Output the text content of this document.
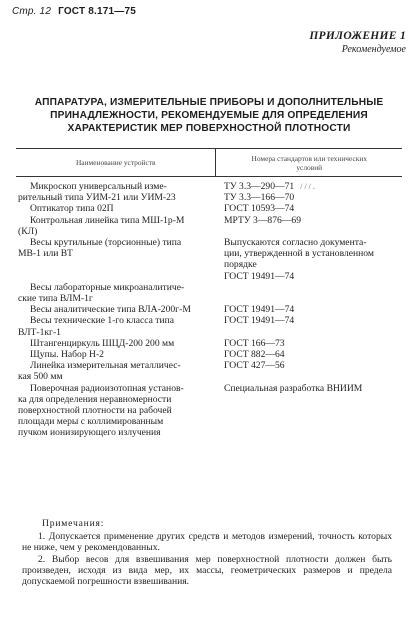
Стр. 12 ГОСТ 8.171—75
ПРИЛОЖЕНИЕ 1
Рекомендуемое
АППАРАТУРА, ИЗМЕРИТЕЛЬНЫЕ ПРИБОРЫ И ДОПОЛНИТЕЛЬНЫЕ
ПРИНАДЛЕЖНОСТИ, РЕКОМЕНДУЕМЫЕ ДЛЯ ОПРЕДЕЛЕНИЯ
ХАРАКТЕРИСТИК МЕР ПОВЕРХНОСТНОЙ ПЛОТНОСТИ
Наименование устройств	Номера стандартов или технических
условий
Микроскоп универсальный изме-
рительный типа УИМ-21 или УИМ-23
Оптикатор типа 02П
Контрольная линейка типа МШ-1р-М
(КЛ)
Весы крутильные (торсионные) типа
МВ-1 или ВТ

Весы лабораторные микроаналитиче-
ские типа ВЛМ-1г
Весы аналитические типа ВЛА-200г-М
Весы технические 1-го класса типа
ВЛТ-1кг-1
Штангенциркуль ШЦД-200 200 мм
Щупы. Набор Н-2
Линейка измерительная металличес-
кая 500 мм
Поверочная радиоизотопная установ-
ка для определения неравномерности
поверхностной плотности на рабочей
площади меры с коллимированным
пучком ионизирующего излучения
ТУ 3.3—290—71 / / / .
ТУ 3.3—166—70
ГОСТ 10593—74
МРТУ 3—876—69

Выпускаются согласно документа-
ции, утвержденной в установленном
порядке
ГОСТ 19491—74

ГОСТ 19491—74
ГОСТ 19491—74

ГОСТ 166—73
ГОСТ 882—64
ГОСТ 427—56

Специальная разработка ВНИИМ
Примечания:
1. Допускается применение других средств и методов измерений, точность которых не ниже, чем у рекомендованных.
2. Выбор весов для взвешивания мер поверхностной плотности должен быть произведен, исходя из вида мер, их массы, геометрических размеров и предела допускаемой погрешности взвешивания.
